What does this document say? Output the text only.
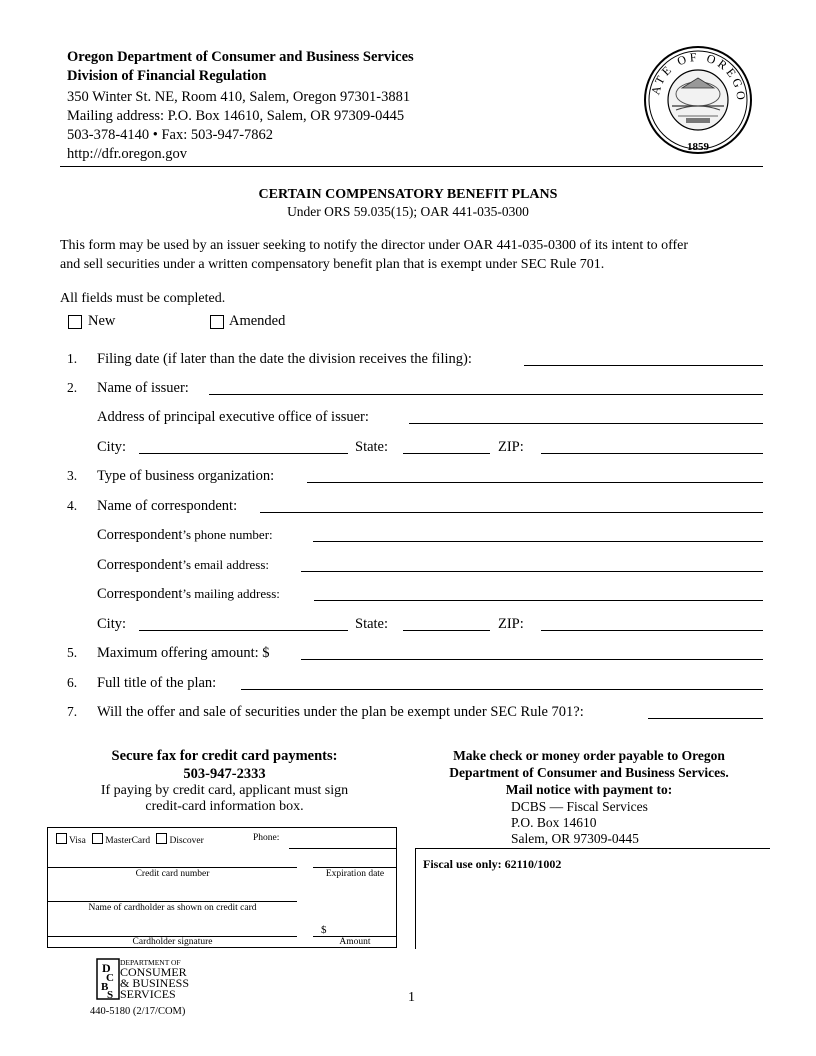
Oregon Department of Consumer and Business Services
Division of Financial Regulation
350 Winter St. NE, Room 410, Salem, Oregon 97301-3881
Mailing address: P.O. Box 14610, Salem, OR 97309-0445
503-378-4140 • Fax: 503-947-7862
http://dfr.oregon.gov
ATE OF OREGO
1859
CERTAIN COMPENSATORY BENEFIT PLANS
Under ORS 59.035(15); OAR 441-035-0300
This form may be used by an issuer seeking to notify the director under OAR 441-035-0300 of its intent to offer
and sell securities under a written compensatory benefit plan that is exempt under SEC Rule 701.
All fields must be completed.
New	Amended
1. Filing date (if later than the date the division receives the filing):
2. Name of issuer:
Address of principal executive office of issuer:
City:	State:	ZIP:
3. Type of business organization:
4. Name of correspondent:
Correspondent’s phone number:
Correspondent’s email address:
Correspondent’s mailing address:
City:	State:	ZIP:
5. Maximum offering amount: $
6. Full title of the plan:
7. Will the offer and sale of securities under the plan be exempt under SEC Rule 701?:
Secure fax for credit card payments:
503-947-2333
If paying by credit card, applicant must sign
credit-card information box.
Visa MasterCard Discover	Phone:
Credit card number	Expiration date
Name of cardholder as shown on credit card
$
Cardholder signature	Amount
Make check or money order payable to Oregon
Department of Consumer and Business Services.
Mail notice with payment to:
DCBS — Fiscal Services
P.O. Box 14610
Salem, OR 97309-0445
Fiscal use only: 62110/1002
D
C
B
S
DEPARTMENT OF
CONSUMER
& BUSINESS
SERVICES
440-5180 (2/17/COM)
1
